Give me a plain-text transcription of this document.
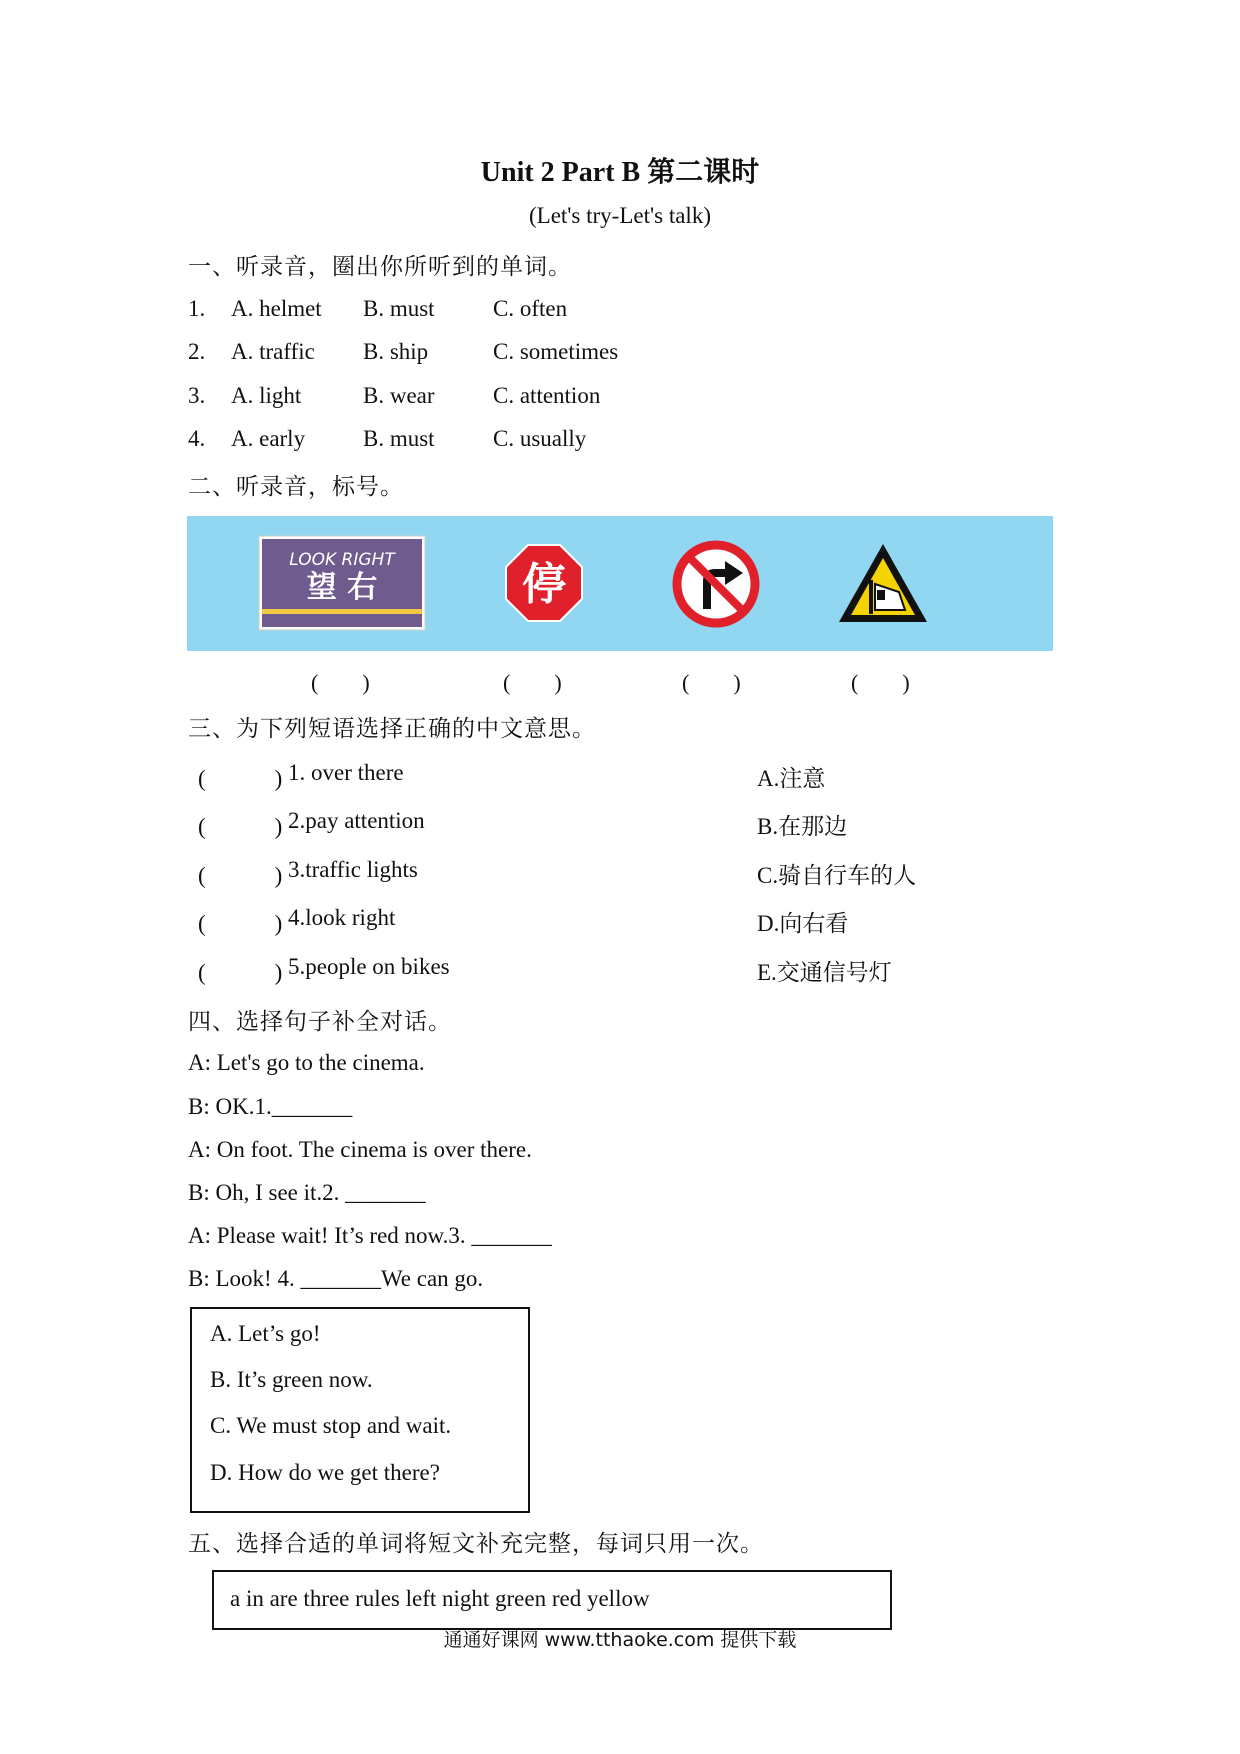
Unit 2 Part B 第二课时
(Let's try-Let's talk)
一、听录音，圈出你所听到的单词。
1. A. helmet B. must	C. often
2. A. traffic B. ship	C. sometimes
3. A. light	B. wear	C. attention
4. A. early	B. must	C. usually
二、听录音，标号。
LOOK RIGHT
望 右	停
(　　)	(　　)	(　　)	(　　)
三、为下列短语选择正确的中文意思。
(　　　) 1. over there	A.注意
(　　　) 2.pay attention	B.在那边
(　　　) 3.traffic lights	C.骑自行车的人
(　　　) 4.look right	D.向右看
(　　　) 5.people on bikes	E.交通信号灯
四、选择句子补全对话。
A: Let's go to the cinema.
B: OK.1._______
A: On foot. The cinema is over there.
B: Oh, I see it.2. _______
A: Please wait! It’s red now.3. _______
B: Look! 4. _______We can go.
A. Let’s go!
B. It’s green now.
C. We must stop and wait.
D. How do we get there?
五、选择合适的单词将短文补充完整，每词只用一次。
a in are three rules left night green red yellow
通通好课网 www.tthaoke.com 提供下载
